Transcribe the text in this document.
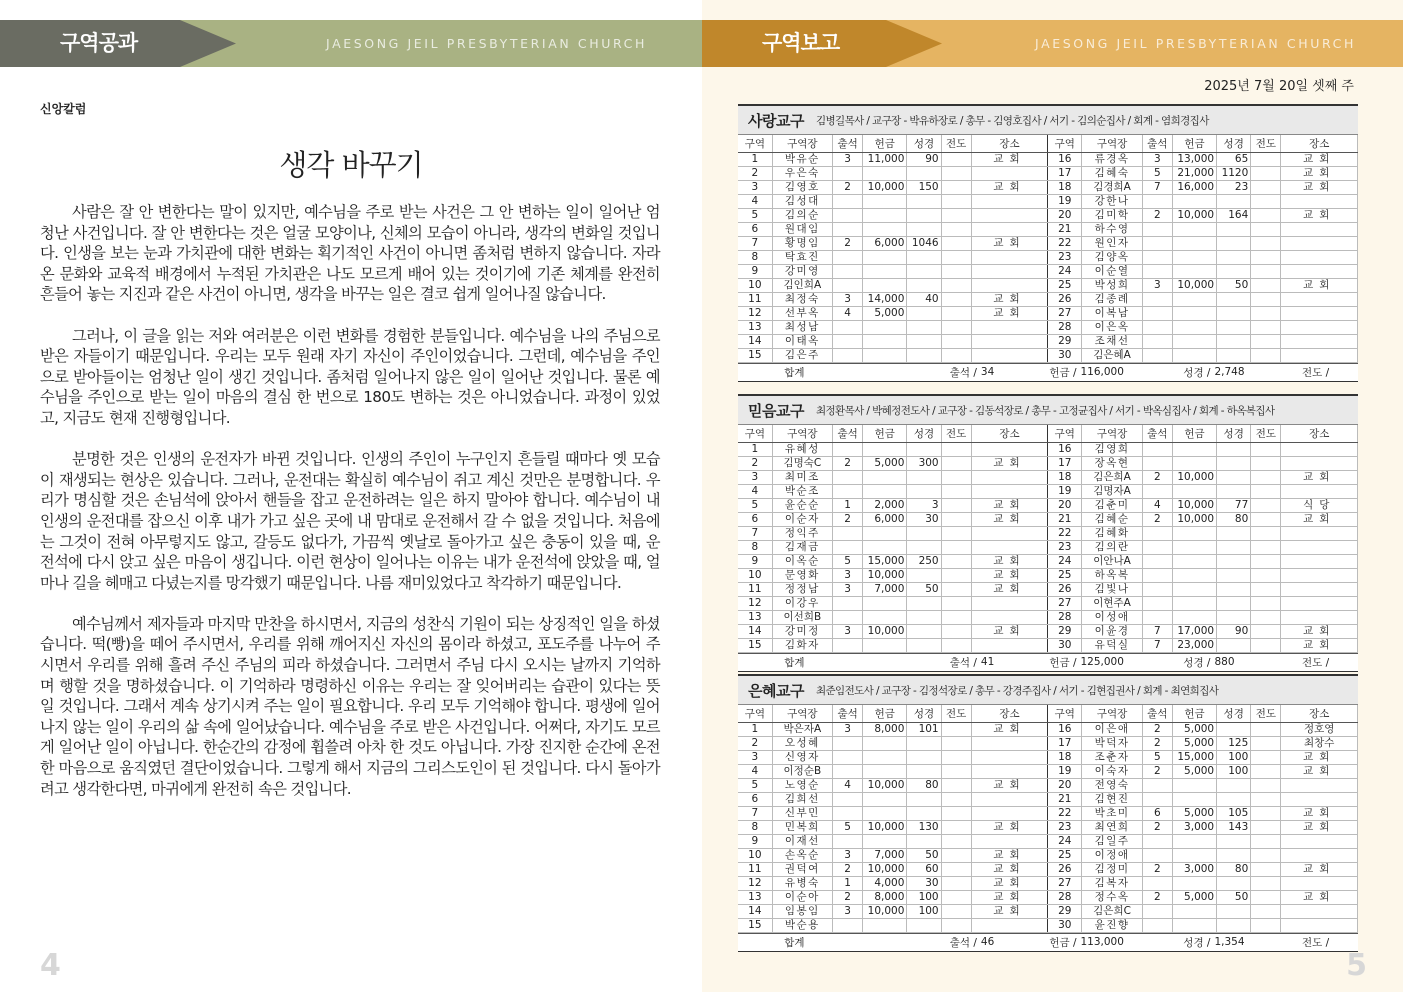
구역공과	JAESONG JEIL PRESBYTERIAN CHURCH
신앙칼럼
생각 바꾸기

사람은 잘 안 변한다는 말이 있지만, 예수님을 주로 받는 사건은 그 안 변하는 일이 일어난 엄청난 사건입니다. 잘 안 변한다는 것은 얼굴 모양이나, 신체의 모습이 아니라, 생각의 변화일 것입니다. 인생을 보는 눈과 가치관에 대한 변화는 획기적인 사건이 아니면 좀처럼 변하지 않습니다. 자라온 문화와 교육적 배경에서 누적된 가치관은 나도 모르게 배어 있는 것이기에 기존 체계를 완전히 흔들어 놓는 지진과 같은 사건이 아니면, 생각을 바꾸는 일은 결코 쉽게 일어나질 않습니다.

그러나, 이 글을 읽는 저와 여러분은 이런 변화를 경험한 분들입니다. 예수님을 나의 주님으로 받은 자들이기 때문입니다. 우리는 모두 원래 자기 자신이 주인이었습니다. 그런데, 예수님을 주인으로 받아들이는 엄청난 일이 생긴 것입니다. 좀처럼 일어나지 않은 일이 일어난 것입니다. 물론 예수님을 주인으로 받는 일이 마음의 결심 한 번으로 180도 변하는 것은 아니었습니다. 과정이 있었고, 지금도 현재 진행형입니다.

분명한 것은 인생의 운전자가 바뀐 것입니다. 인생의 주인이 누구인지 흔들릴 때마다 옛 모습이 재생되는 현상은 있습니다. 그러나, 운전대는 확실히 예수님이 쥐고 계신 것만은 분명합니다. 우리가 명심할 것은 손님석에 앉아서 핸들을 잡고 운전하려는 일은 하지 말아야 합니다. 예수님이 내 인생의 운전대를 잡으신 이후 내가 가고 싶은 곳에 내 맘대로 운전해서 갈 수 없을 것입니다. 처음에는 그것이 전혀 아무렇지도 않고, 갈등도 없다가, 가끔씩 옛날로 돌아가고 싶은 충동이 있을 때, 운전석에 다시 앉고 싶은 마음이 생깁니다. 이런 현상이 일어나는 이유는 내가 운전석에 앉았을 때, 얼마나 길을 헤매고 다녔는지를 망각했기 때문입니다. 나름 재미있었다고 착각하기 때문입니다.

예수님께서 제자들과 마지막 만찬을 하시면서, 지금의 성찬식 기원이 되는 상징적인 일을 하셨습니다. 떡(빵)을 떼어 주시면서, 우리를 위해 깨어지신 자신의 몸이라 하셨고, 포도주를 나누어 주시면서 우리를 위해 흘려 주신 주님의 피라 하셨습니다. 그러면서 주님 다시 오시는 날까지 기억하며 행할 것을 명하셨습니다. 이 기억하라 명령하신 이유는 우리는 잘 잊어버리는 습관이 있다는 뜻일 것입니다. 그래서 계속 상기시켜 주는 일이 필요합니다. 우리 모두 기억해야 합니다. 평생에 일어나지 않는 일이 우리의 삶 속에 일어났습니다. 예수님을 주로 받은 사건입니다. 어쩌다, 자기도 모르게 일어난 일이 아닙니다. 한순간의 감정에 휩쓸려 아차 한 것도 아닙니다. 가장 진지한 순간에 온전한 마음으로 움직였던 결단이었습니다. 그렇게 해서 지금의 그리스도인이 된 것입니다. 다시 돌아가려고 생각한다면, 마귀에게 완전히 속은 것입니다.

4
구역보고	JAESONG JEIL PRESBYTERIAN CHURCH
2025년 7월 20일 셋째 주
사랑교구 김병길목사 / 교구장 - 박유하장로 / 총무 - 김영호집사 / 서기 - 김의순집사 / 회계 - 염희경집사
구역	구역장	출석	헌금	성경	전도	장소	구역	구역장	출석	헌금	성경	전도	장소
1	박유순	3	11,000	90		교회	16	류경옥	3	13,000	65		교회
2	우은숙						17	김혜숙	5	21,000	1120		교회
3	김영호	2	10,000	150		교회	18	김경희A	7	16,000	23		교회
4	김성대						19	강한나					
5	김의순						20	김미학	2	10,000	164		교회
6	원대임						21	하수영					
7	황명임	2	6,000	1046		교회	22	원인자					
8	탁효진						23	김양옥					
9	강미영						24	이순열					
10	김인희A						25	박성희	3	10,000	50		교회
11	최정숙	3	14,000	40		교회	26	김종례					
12	선부옥	4	5,000			교회	27	이복남					
13	최성남						28	이은옥					
14	이태옥						29	조채선					
15	김은주						30	김은혜A					
합계	출석 / 34	헌금 / 116,000	성경 / 2,748	전도 /
믿음교구 최정환목사 / 박혜정전도사 / 교구장 - 김동석장로 / 총무 - 고정균집사 / 서기 - 박옥심집사 / 회계 - 하옥복집사
구역	구역장	출석	헌금	성경	전도	장소	구역	구역장	출석	헌금	성경	전도	장소
1	유혜성						16	김영희					
2	김명숙C	2	5,000	300		교회	17	장옥현					
3	최미조						18	김은희A	2	10,000			교회
4	박순조						19	김명자A					
5	윤순순	1	2,000	3		교회	20	김춘미	4	10,000	77		식당
6	이순자	2	6,000	30		교회	21	김혜순	2	10,000	80		교회
7	정익주						22	김혜화					
8	김재금						23	김의란					
9	이옥순	5	15,000	250		교회	24	이안나A					
10	문영화	3	10,000			교회	25	하옥복					
11	정정남	3	7,000	50		교회	26	김빛나					
12	이강우						27	이현주A					
13	이선희B						28	이성애					
14	강미정	3	10,000			교회	29	이윤경	7	17,000	90		교회
15	김화자						30	유덕실	7	23,000			교회
합계	출석 / 41	헌금 / 125,000	성경 / 880	전도 /
은혜교구 최준임전도사 / 교구장 - 김정석장로 / 총무 - 강경주집사 / 서기 - 김현집권사 / 회계 - 최연희집사
구역	구역장	출석	헌금	성경	전도	장소	구역	구역장	출석	헌금	성경	전도	장소
1	박은자A	3	8,000	101		교회	16	이은애	2	5,000			정호영
2	오성혜						17	박덕자	2	5,000	125		최창수
3	신영자						18	조춘자	5	15,000	100		교회
4	이정순B						19	이숙자	2	5,000	100		교회
5	노영순	4	10,000	80		교회	20	전영숙					
6	김희선						21	김현진					
7	신부민						22	박초미	6	5,000	105		교회
8	민복희	5	10,000	130		교회	23	최연희	2	3,000	143		교회
9	이재선						24	김일주					
10	손옥순	3	7,000	50		교회	25	이정애					
11	권덕여	2	10,000	60		교회	26	김정미	2	3,000	80		교회
12	유병숙	1	4,000	30		교회	27	김복자					
13	이순아	2	8,000	100		교회	28	정수옥	2	5,000	50		교회
14	임봉임	3	10,000	100		교회	29	김은희C					
15	박순용						30	윤진향					
합계	출석 / 46	헌금 / 113,000	성경 / 1,354	전도 /
5
